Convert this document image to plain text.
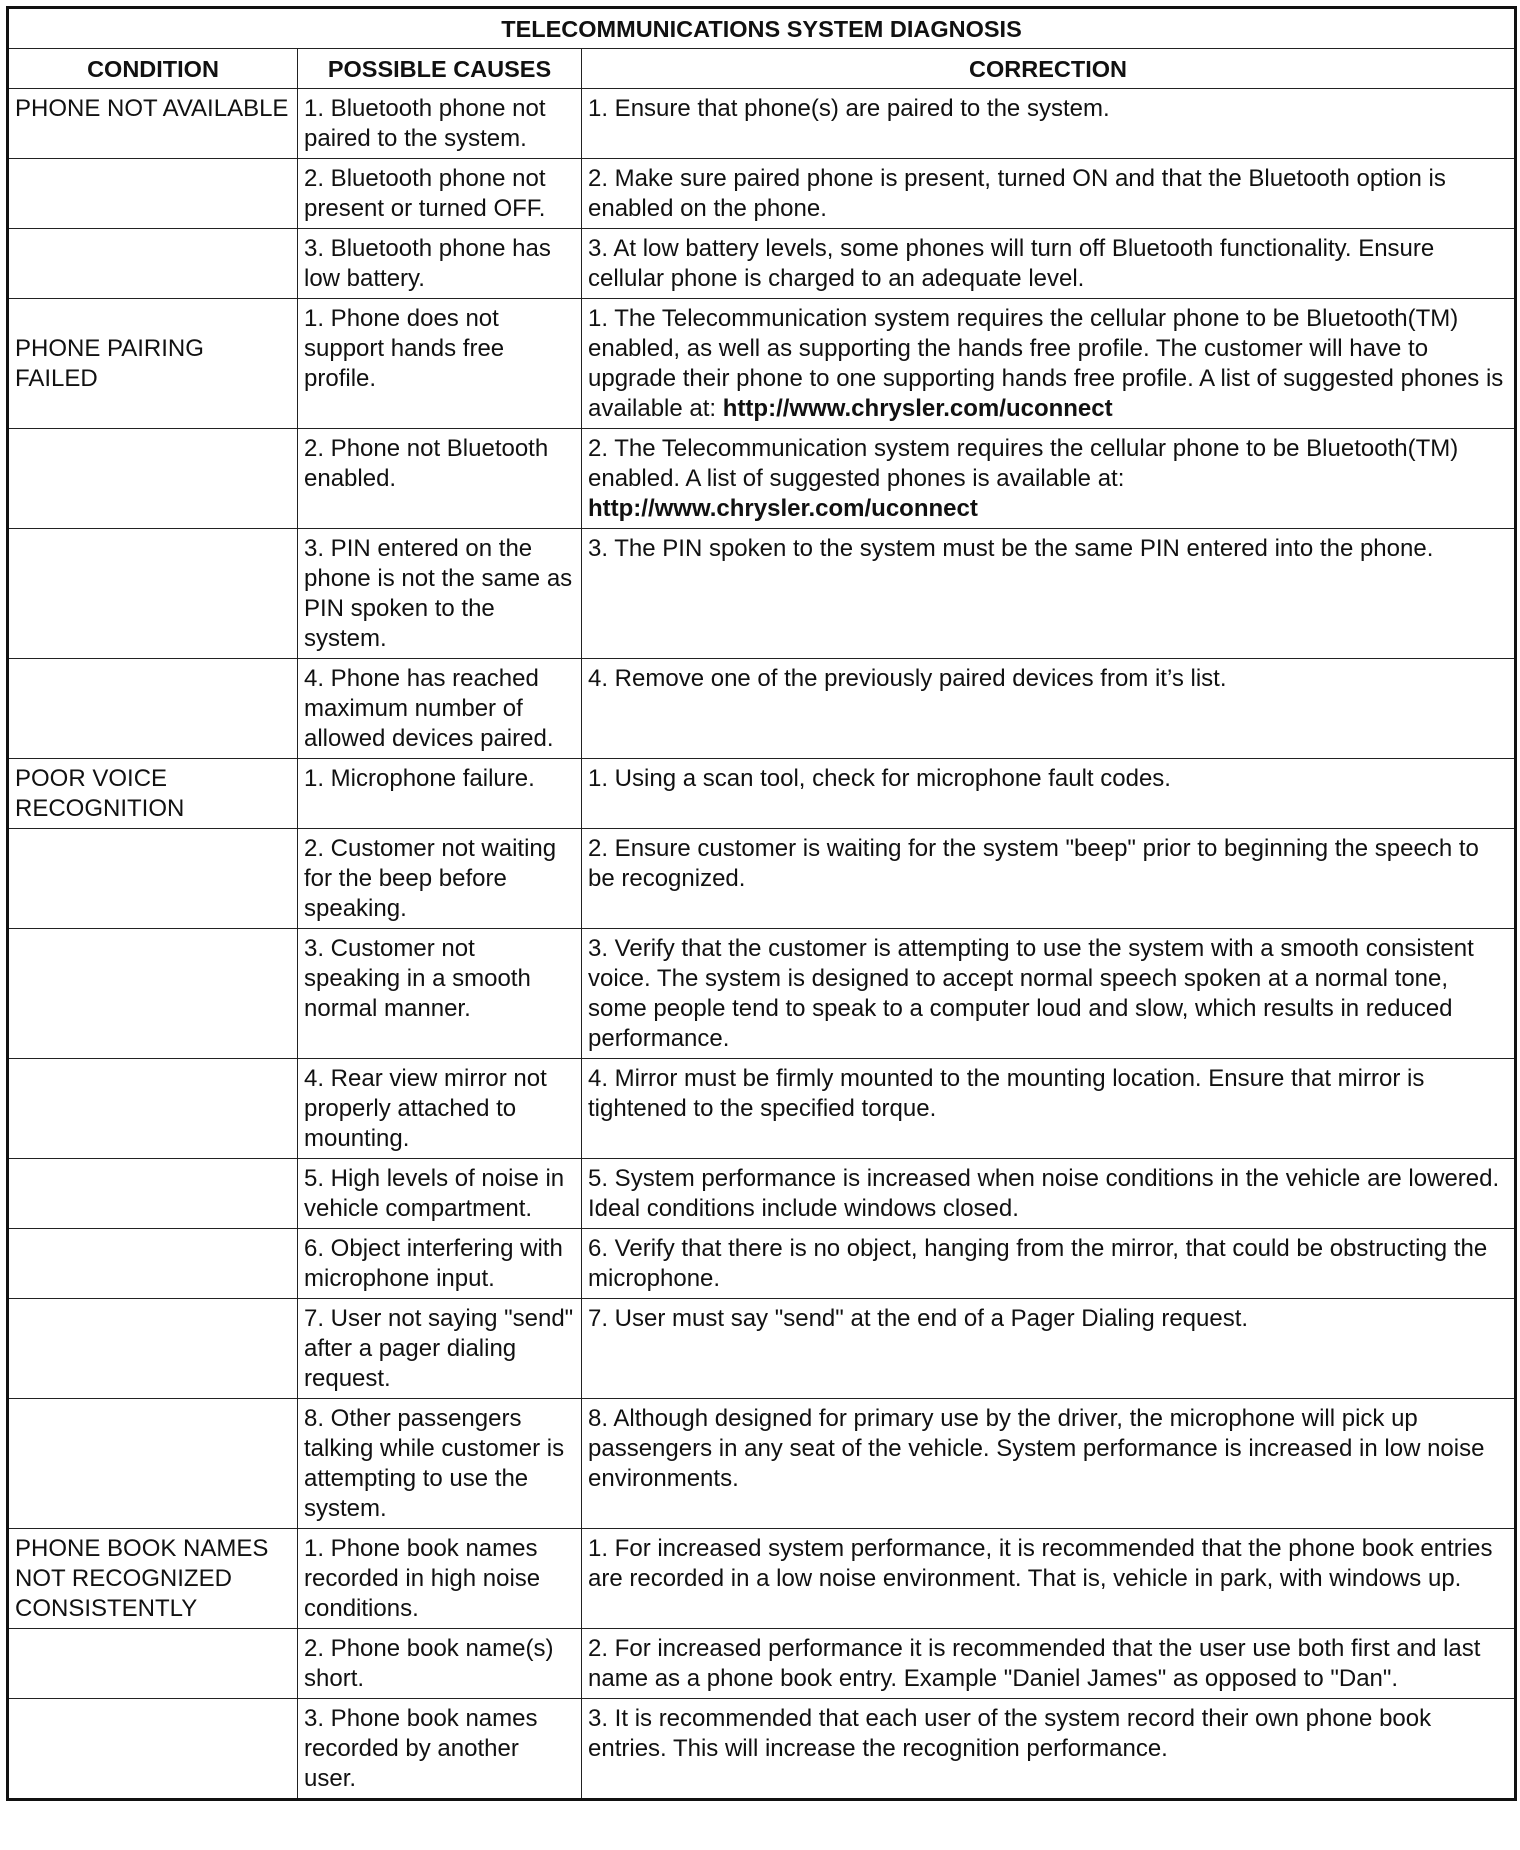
TELECOMMUNICATIONS SYSTEM DIAGNOSIS		
CONDITION	POSSIBLE CAUSES	CORRECTION
PHONE NOT AVAILABLE	1. Bluetooth phone not paired to the system.	1. Ensure that phone(s) are paired to the system.
	2. Bluetooth phone not present or turned OFF.	2. Make sure paired phone is present, turned ON and that the Bluetooth option is enabled on the phone.
	3. Bluetooth phone has low battery.	3. At low battery levels, some phones will turn off Bluetooth functionality. Ensure cellular phone is charged to an adequate level.
PHONE PAIRING FAILED	1. Phone does not support hands free profile.	1. The Telecommunication system requires the cellular phone to be Bluetooth(TM) enabled, as well as supporting the hands free profile. The customer will have to upgrade their phone to one supporting hands free profile. A list of suggested phones is available at: http://www.chrysler.com/uconnect
	2. Phone not Bluetooth enabled.	2. The Telecommunication system requires the cellular phone to be Bluetooth(TM) enabled. A list of suggested phones is available at: http://www.chrysler.com/uconnect
	3. PIN entered on the phone is not the same as PIN spoken to the system.	3. The PIN spoken to the system must be the same PIN entered into the phone.
	4. Phone has reached maximum number of allowed devices paired.	4. Remove one of the previously paired devices from it’s list.
POOR VOICE RECOGNITION	1. Microphone failure.	1. Using a scan tool, check for microphone fault codes.
	2. Customer not waiting for the beep before speaking.	2. Ensure customer is waiting for the system "beep" prior to beginning the speech to be recognized.
	3. Customer not speaking in a smooth normal manner.	3. Verify that the customer is attempting to use the system with a smooth consistent voice. The system is designed to accept normal speech spoken at a normal tone, some people tend to speak to a computer loud and slow, which results in reduced performance.
	4. Rear view mirror not properly attached to mounting.	4. Mirror must be firmly mounted to the mounting location. Ensure that mirror is tightened to the specified torque.
	5. High levels of noise in vehicle compartment.	5. System performance is increased when noise conditions in the vehicle are lowered. Ideal conditions include windows closed.
	6. Object interfering with microphone input.	6. Verify that there is no object, hanging from the mirror, that could be obstructing the microphone.
	7. User not saying "send" after a pager dialing request.	7. User must say "send" at the end of a Pager Dialing request.
	8. Other passengers talking while customer is attempting to use the system.	8. Although designed for primary use by the driver, the microphone will pick up passengers in any seat of the vehicle. System performance is increased in low noise environments.
PHONE BOOK NAMES NOT RECOGNIZED CONSISTENTLY	1. Phone book names recorded in high noise conditions.	1. For increased system performance, it is recommended that the phone book entries are recorded in a low noise environment. That is, vehicle in park, with windows up.
	2. Phone book name(s) short.	2. For increased performance it is recommended that the user use both first and last name as a phone book entry. Example "Daniel James" as opposed to "Dan".
	3. Phone book names recorded by another user.	3. It is recommended that each user of the system record their own phone book entries. This will increase the recognition performance.
